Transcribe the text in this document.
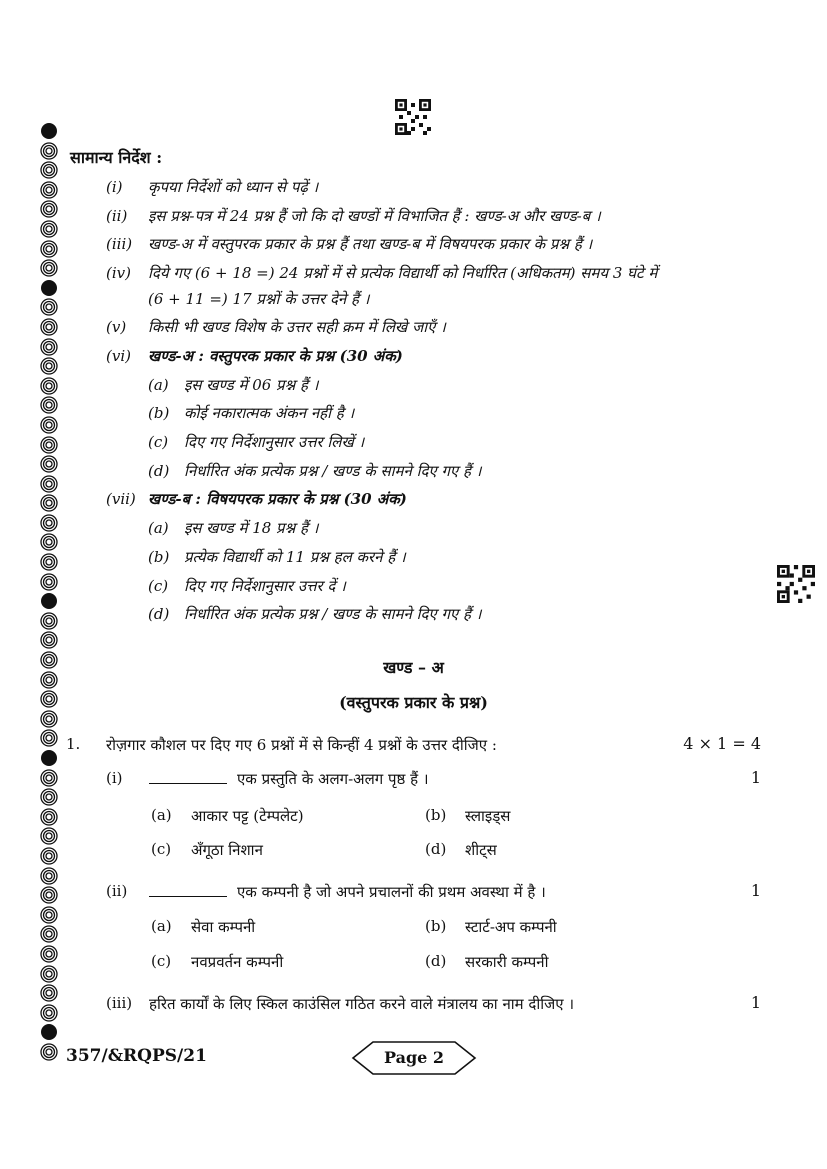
सामान्य निर्देश :
(i) कृपया निर्देशों को ध्यान से पढ़ें ।
(ii) इस प्रश्न-पत्र में 24 प्रश्न हैं जो कि दो खण्डों में विभाजित हैं : खण्ड-अ और खण्ड-ब ।
(iii) खण्ड-अ में वस्तुपरक प्रकार के प्रश्न हैं तथा खण्ड-ब में विषयपरक प्रकार के प्रश्न हैं ।
(iv) दिये गए (6 + 18 =) 24 प्रश्नों में से प्रत्येक विद्यार्थी को निर्धारित (अधिकतम) समय 3 घंटे में
(6 + 11 =) 17 प्रश्नों के उत्तर देने हैं ।
(v) किसी भी खण्ड विशेष के उत्तर सही क्रम में लिखे जाएँ ।
(vi) खण्ड-अ : वस्तुपरक प्रकार के प्रश्न (30 अंक)
(a) इस खण्ड में 06 प्रश्न हैं ।
(b) कोई नकारात्मक अंकन नहीं है ।
(c) दिए गए निर्देशानुसार उत्तर लिखें ।
(d) निर्धारित अंक प्रत्येक प्रश्न / खण्ड के सामने दिए गए हैं ।
(vii) खण्ड-ब : विषयपरक प्रकार के प्रश्न (30 अंक)
(a) इस खण्ड में 18 प्रश्न हैं ।
(b) प्रत्येक विद्यार्थी को 11 प्रश्न हल करने हैं ।
(c) दिए गए निर्देशानुसार उत्तर दें ।
(d) निर्धारित अंक प्रत्येक प्रश्न / खण्ड के सामने दिए गए हैं ।
खण्ड – अ
(वस्तुपरक प्रकार के प्रश्न)
1. रोज़गार कौशल पर दिए गए 6 प्रश्नों में से किन्हीं 4 प्रश्नों के उत्तर दीजिए :	4 × 1 = 4
(i)	एक प्रस्तुति के अलग-अलग पृष्ठ हैं ।	1
(a) आकार पट्ट (टेम्पलेट)	(b) स्लाइड्स
(c) अँगूठा निशान	(d) शीट्स
(ii)	एक कम्पनी है जो अपने प्रचालनों की प्रथम अवस्था में है ।	1
(a) सेवा कम्पनी	(b) स्टार्ट-अप कम्पनी
(c) नवप्रवर्तन कम्पनी	(d) सरकारी कम्पनी
(iii) हरित कार्यों के लिए स्किल काउंसिल गठित करने वाले मंत्रालय का नाम दीजिए ।	1
357/&RQPS/21	Page 2
